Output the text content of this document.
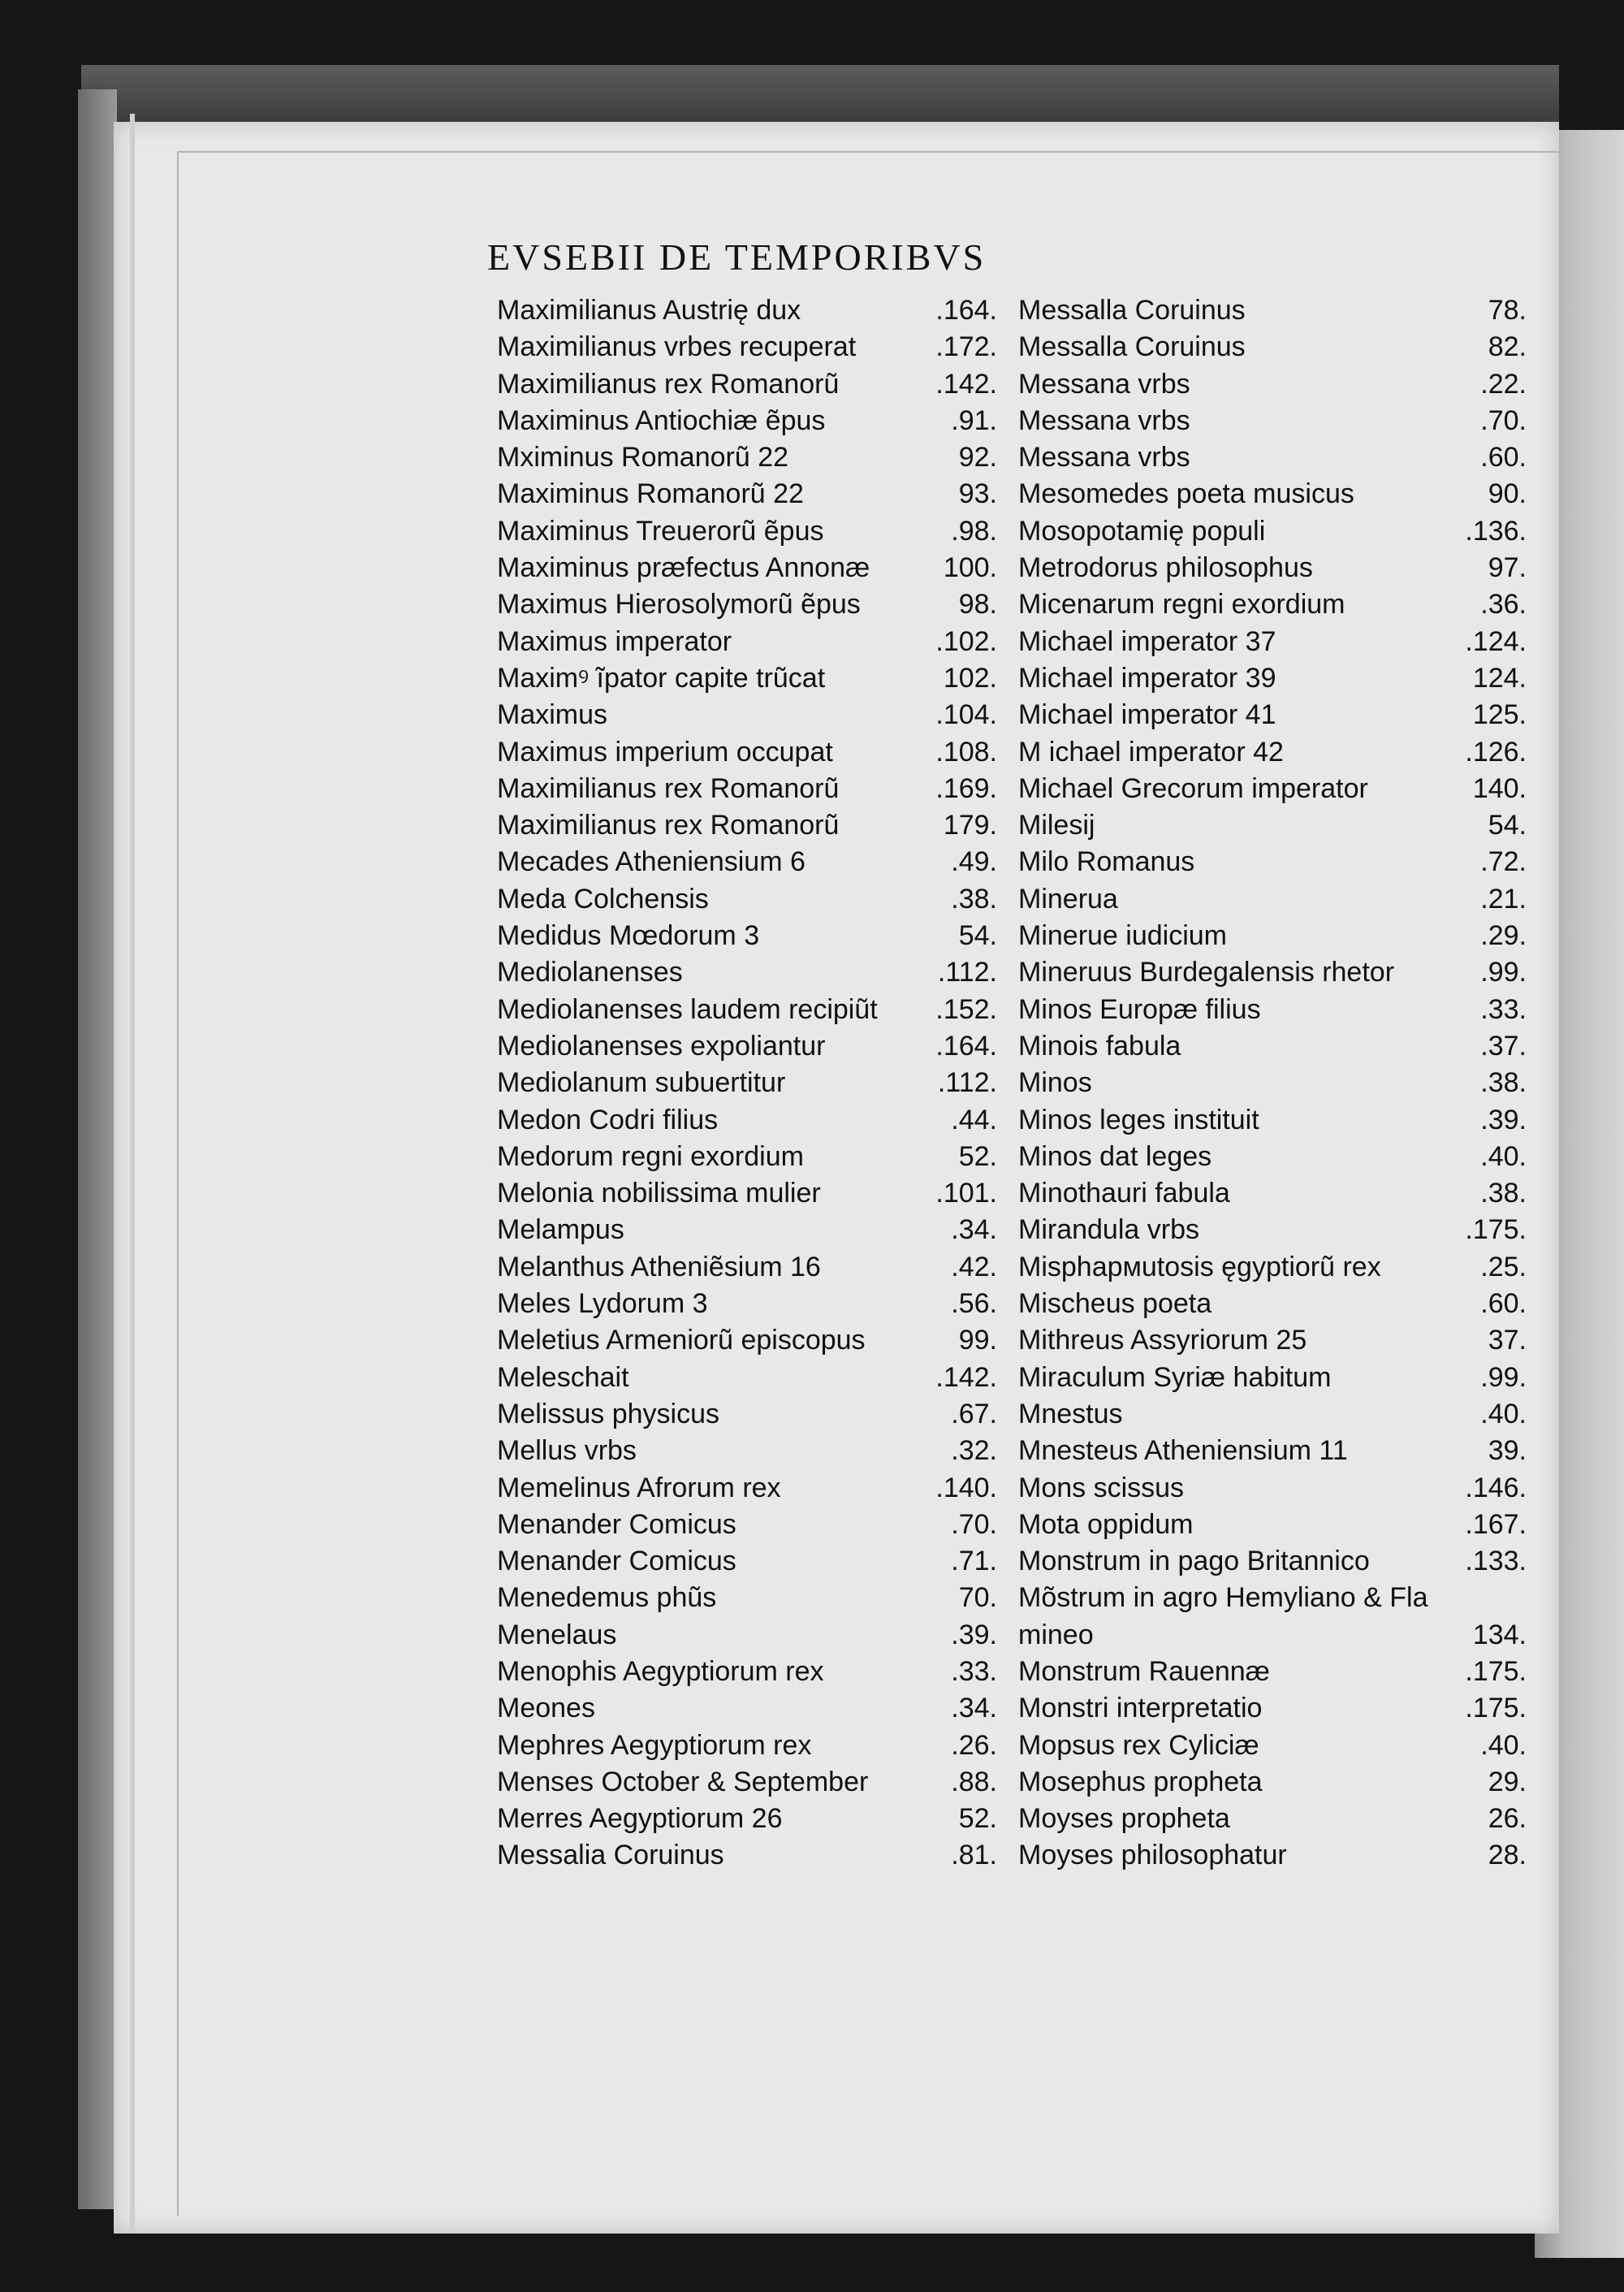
EVSEBII DE TEMPORIBVS
Maximilianus Austrię dux	.164.
Maximilianus vrbes recuperat	.172.
Maximilianus rex Romanorũ	.142.
Maximinus Antiochiæ ẽpus	.91.
Mximinus Romanorũ 22	92.
Maximinus Romanorũ 22	93.
Maximinus Treuerorũ ẽpus	.98.
Maximinus præfectus Annonæ	100.
Maximus Hierosolymorũ ẽpus	98.
Maximus imperator	.102.
Maximꝰ ĩpator capite trũcat	102.
Maximus	.104.
Maximus imperium occupat	.108.
Maximilianus rex Romanorũ	.169.
Maximilianus rex Romanorũ	179.
Mecades Atheniensium 6	.49.
Meda Colchensis	.38.
Medidus Mœdorum 3	54.
Mediolanenses	.112.
Mediolanenses laudem recipiũt .152.
Mediolanenses expoliantur	.164.
Mediolanum subuertitur	.112.
Medon Codri filius	.44.
Medorum regni exordium	52.
Melonia nobilissima mulier	.101.
Melampus	.34.
Melanthus Atheniẽsium 16	.42.
Meles Lydorum 3	.56.
Meletius Armeniorũ episcopus	99.
Meleschait	.142.
Melissus physicus	.67.
Mellus vrbs	.32.
Memelinus Afrorum rex	.140.
Menander Comicus	.70.
Menander Comicus	.71.
Menedemus phũs	70.
Menelaus	.39.
Menophis Aegyptiorum rex	.33.
Meones	.34.
Mephres Aegyptiorum rex	.26.
Menses October & September	.88.
Merres Aegyptiorum 26	52.
Messalia Coruinus	.81.
Messalla Coruinus	78.
Messalla Coruinus	82.
Messana vrbs	.22.
Messana vrbs	.70.
Messana vrbs	.60.
Mesomedes poeta musicus	90.
Mosopotamię populi	.136.
Metrodorus philosophus	97.
Micenarum regni exordium	.36.
Michael imperator 37	.124.
Michael imperator 39	124.
Michael imperator 41	125.
M ichael imperator 42	.126.
Michael Grecorum imperator	140.
Milesij	54.
Milo Romanus	.72.
Minerua	.21.
Minerue iudicium	.29.
Mineruus Burdegalensis rhetor	.99.
Minos Europæ filius	.33.
Minois fabula	.37.
Minos	.38.
Minos leges instituit	.39.
Minos dat leges	.40.
Minothauri fabula	.38.
Mirandula vrbs	.175.
Misphармutosis ęgyptiorũ rex	.25.
Mischeus poeta	.60.
Mithreus Assyriorum 25	37.
Miraculum Syriæ habitum	.99.
Mnestus	.40.
Mnesteus Atheniensium 11	39.
Mons scissus	.146.
Mota oppidum	.167.
Monstrum in pago Britannico	.133.
Mõstrum in agro Hemyliano & Fla
mineo	134.
Monstrum Rauennæ	.175.
Monstri interpretatio	.175.
Mopsus rex Cyliciæ	.40.
Mosephus propheta	29.
Moyses propheta	26.
Moyses philosophatur	28.
